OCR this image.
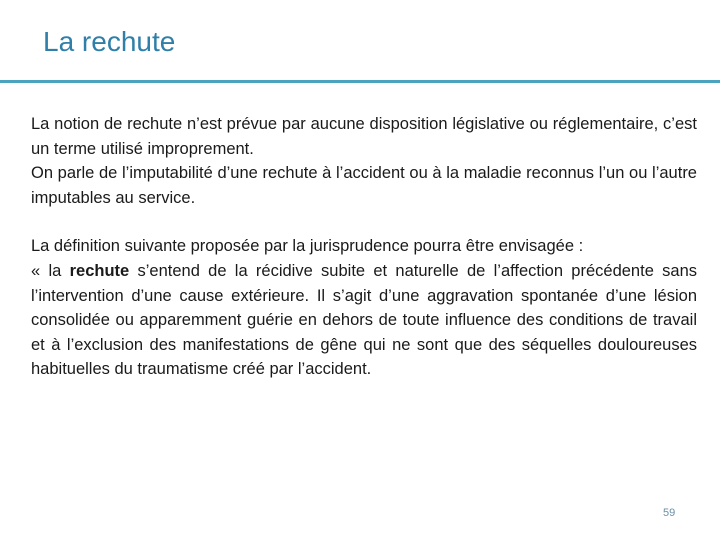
La rechute

La notion de rechute n’est prévue par aucune disposition législative ou réglementaire, c’est un terme utilisé improprement.

On parle de l’imputabilité d’une rechute à l’accident ou à la maladie reconnus l’un ou l’autre imputables au service.

La définition suivante proposée par la jurisprudence pourra être envisagée :

« la rechute s’entend de la récidive subite et naturelle de l’affection précédente sans l’intervention d’une cause extérieure. Il s’agit d’une aggravation spontanée d’une lésion consolidée ou apparemment guérie en dehors de toute influence des conditions de travail et à l’exclusion des manifestations de gêne qui ne sont que des séquelles douloureuses habituelles du traumatisme créé par l’accident.

59
